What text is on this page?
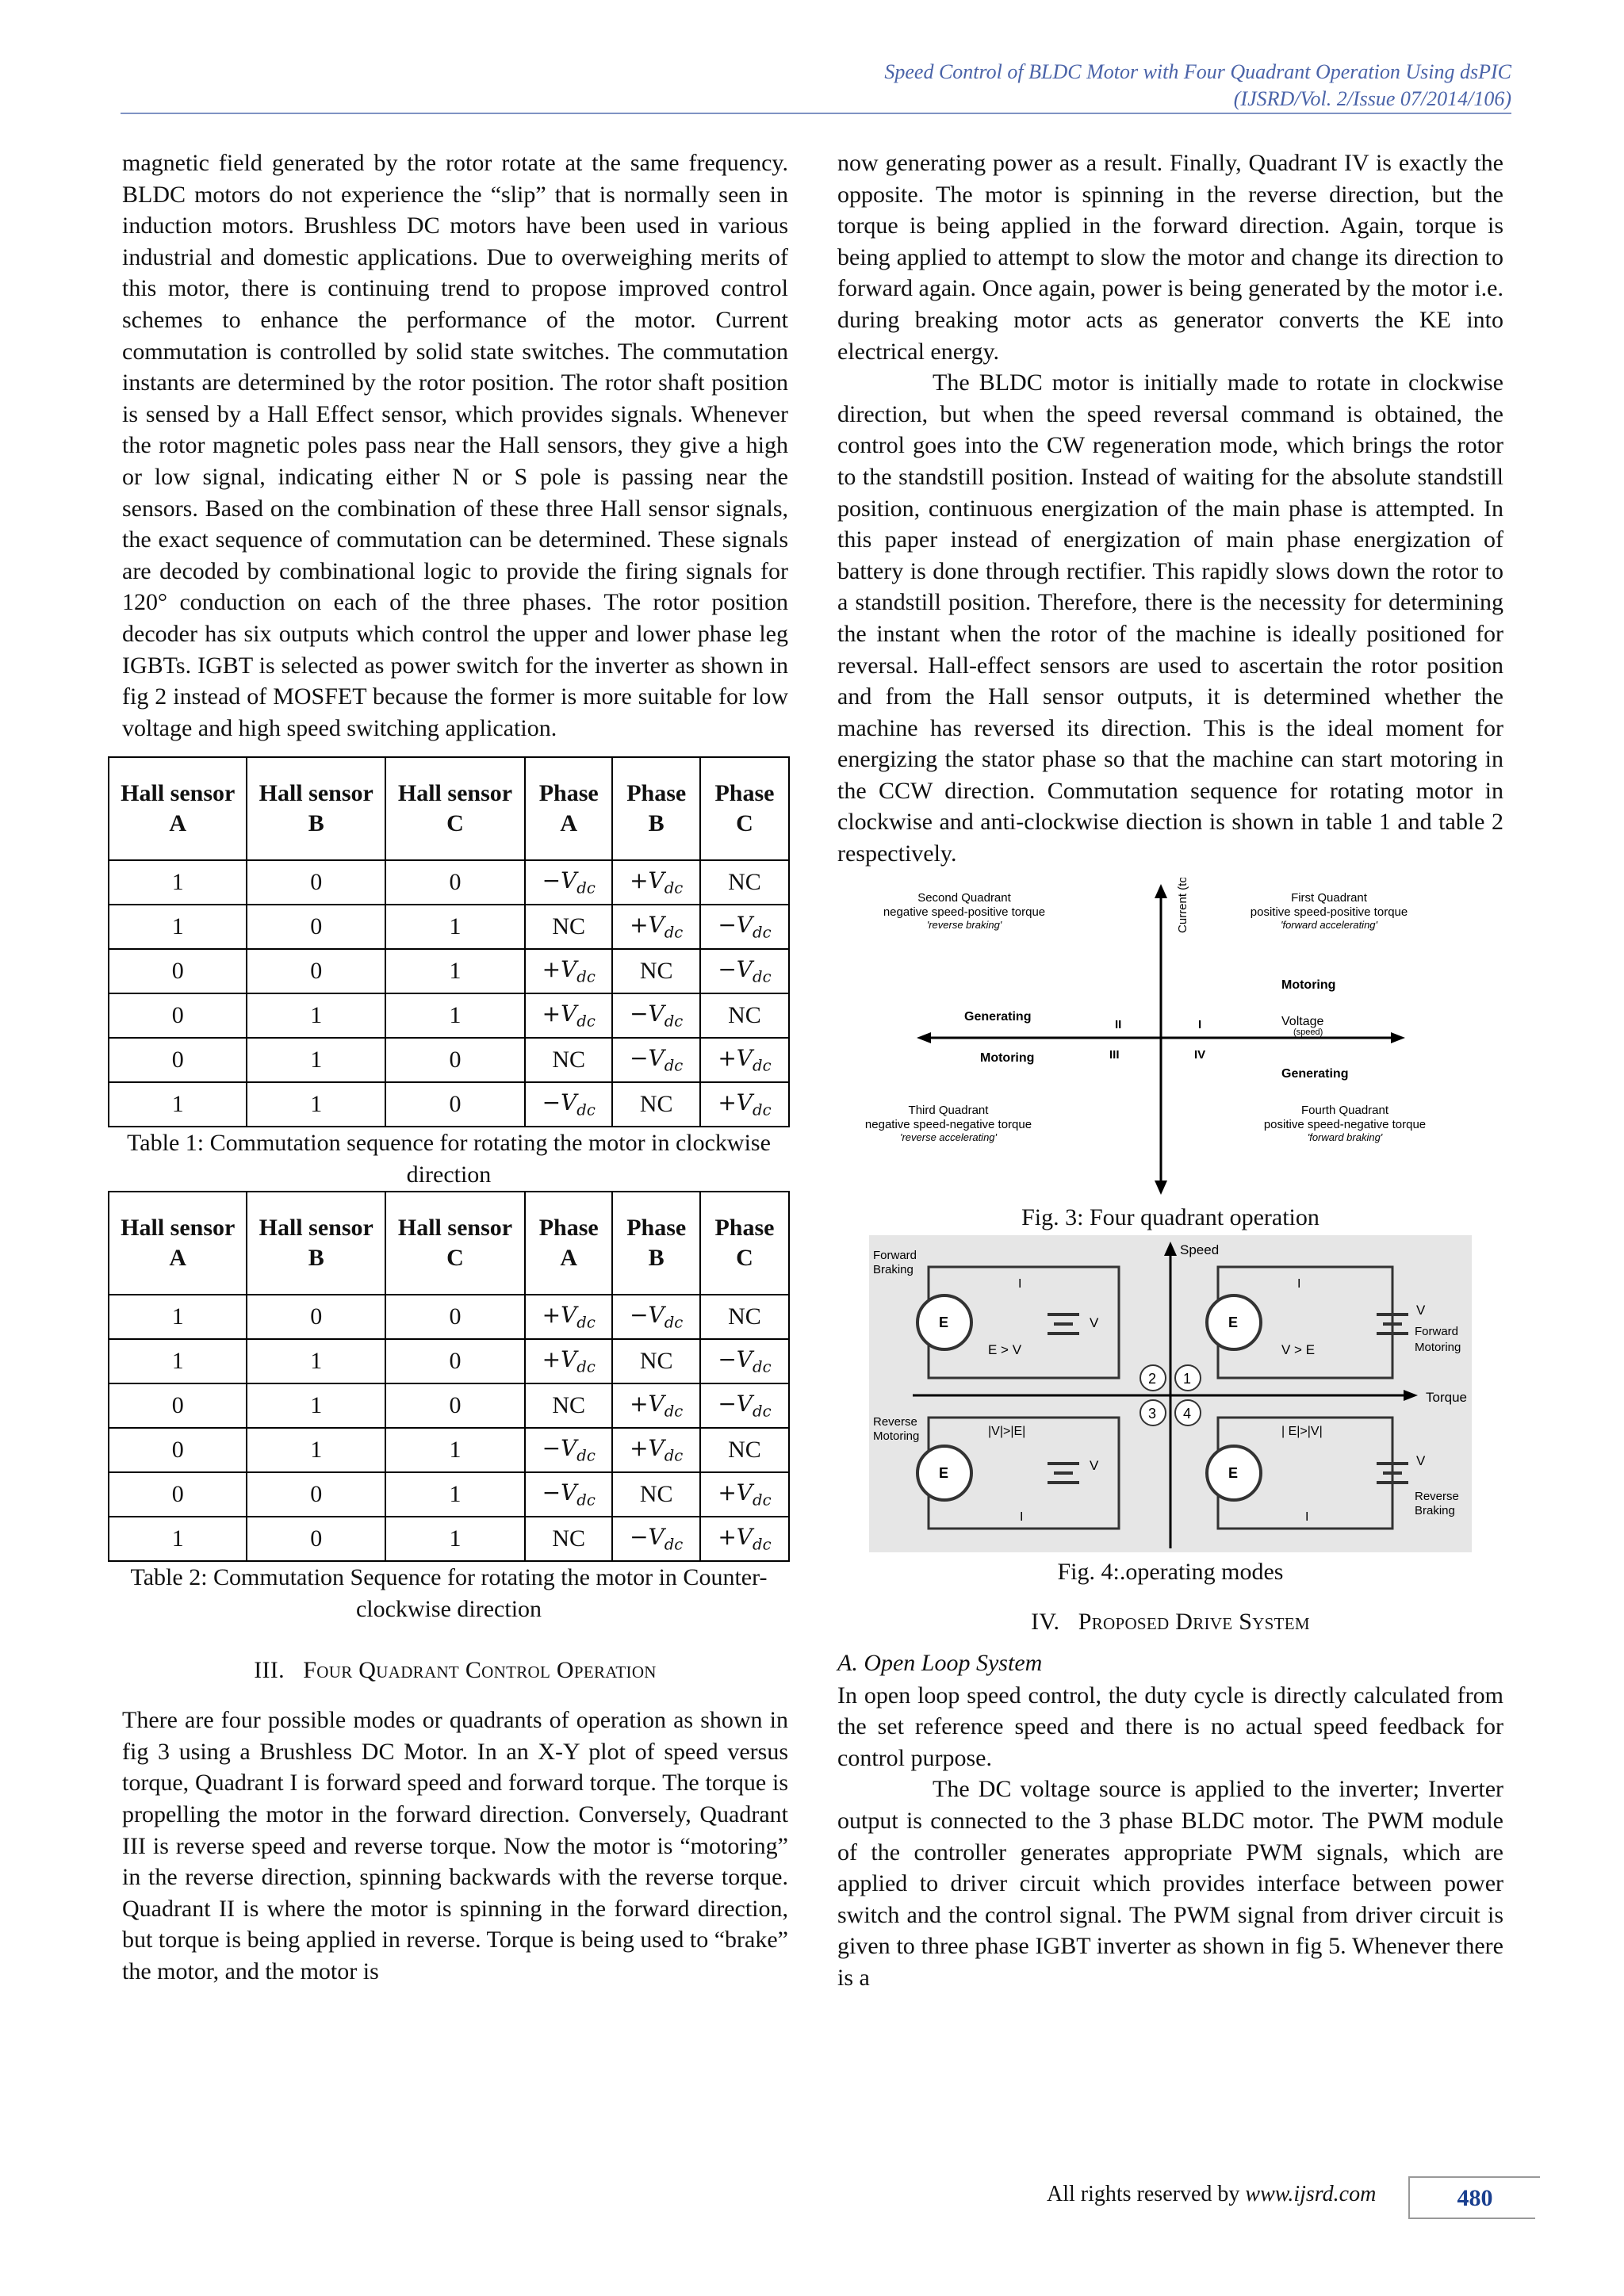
Speed Control of BLDC Motor with Four Quadrant Operation Using dsPIC
(IJSRD/Vol. 2/Issue 07/2014/106)

magnetic field generated by the rotor rotate at the same frequency. BLDC motors do not experience the “slip” that is normally seen in induction motors. Brushless DC motors have been used in various industrial and domestic applications. Due to overweighing merits of this motor, there is continuing trend to propose improved control schemes to enhance the performance of the motor. Current commutation is controlled by solid state switches. The commutation instants are determined by the rotor position. The rotor shaft position is sensed by a Hall Effect sensor, which provides signals. Whenever the rotor magnetic poles pass near the Hall sensors, they give a high or low signal, indicating either N or S pole is passing near the sensors. Based on the combination of these three Hall sensor signals, the exact sequence of commutation can be determined. These signals are decoded by combinational logic to provide the firing signals for 120° conduction on each of the three phases. The rotor position decoder has six outputs which control the upper and lower phase leg IGBTs. IGBT is selected as power switch for the inverter as shown in fig 2 instead of MOSFET because the former is more suitable for low voltage and high speed switching application.

Hall sensor A	Hall sensor B	Hall sensor C	Phase A	Phase B	Phase C
1	0	0	$-V_{dc}$	$+V_{dc}$	NC
1	0	1	NC	$+V_{dc}$	$-V_{dc}$
0	0	1	$+V_{dc}$	NC	$-V_{dc}$
0	1	1	$+V_{dc}$	$-V_{dc}$	NC
0	1	0	NC	$-V_{dc}$	$+V_{dc}$
1	1	0	$-V_{dc}$	NC	$+V_{dc}$
Table 1: Commutation sequence for rotating the motor in clockwise direction
Hall sensor A	Hall sensor B	Hall sensor C	Phase A	Phase B	Phase C
1	0	0	$+V_{dc}$	$-V_{dc}$	NC
1	1	0	$+V_{dc}$	NC	$-V_{dc}$
0	1	0	NC	$+V_{dc}$	$-V_{dc}$
0	1	1	$-V_{dc}$	$+V_{dc}$	NC
0	0	1	$-V_{dc}$	NC	$+V_{dc}$
1	0	1	NC	$-V_{dc}$	$+V_{dc}$
Table 2: Commutation Sequence for rotating the motor in Counter-clockwise direction
III. Four Quadrant Control Operation

There are four possible modes or quadrants of operation as shown in fig 3 using a Brushless DC Motor. In an X-Y plot of speed versus torque, Quadrant I is forward speed and forward torque. The torque is propelling the motor in the forward direction. Conversely, Quadrant III is reverse speed and reverse torque. Now the motor is “motoring” in the reverse direction, spinning backwards with the reverse torque. Quadrant II is where the motor is spinning in the forward direction, but torque is being applied in reverse. Torque is being used to “brake” the motor, and the motor is

now generating power as a result. Finally, Quadrant IV is exactly the opposite. The motor is spinning in the reverse direction, but the torque is being applied in the forward direction. Again, torque is being applied to attempt to slow the motor and change its direction to forward again. Once again, power is being generated by the motor i.e. during breaking motor acts as generator converts the KE into electrical energy.

The BLDC motor is initially made to rotate in clockwise direction, but when the speed reversal command is obtained, the control goes into the CW regeneration mode, which brings the rotor to the standstill position. Instead of waiting for the absolute standstill position, continuous energization of the main phase is attempted. In this paper instead of energization of main phase energization of battery is done through rectifier. This rapidly slows down the rotor to a standstill position. Therefore, there is the necessity for determining the instant when the rotor of the machine is ideally positioned for reversal. Hall-effect sensors are used to ascertain the rotor position and from the Hall sensor outputs, it is determined whether the machine has reversed its direction. This is the ideal moment for energizing the stator phase so that the machine can start motoring in the CCW direction. Commutation sequence for rotating motor in clockwise and anti-clockwise diection is shown in table 1 and table 2 respectively.

Second Quadrant
negative speed-positive torque
'reverse braking'
First Quadrant
positive speed-positive torque
'forward accelerating'
Third Quadrant
negative speed-negative torque
'reverse accelerating'
Fourth Quadrant
positive speed-negative torque
'forward braking'
Current (torque)
Voltage
(speed)
Motoring
Generating
Motoring
Generating
II	I
III	IV
Fig. 3: Four quadrant operation
Speed
Torque
E	V
E > V
I
Forward
Braking
E
V
V > E
I
Forward
Motoring
E	V
|V|>|E|
I
Reverse
Motoring
E
V
| E|>|V|
I
Reverse
Braking
2 1
3 4
Fig. 4:.operating modes
IV. Proposed Drive System
A. Open Loop System

In open loop speed control, the duty cycle is directly calculated from the set reference speed and there is no actual speed feedback for control purpose.

The DC voltage source is applied to the inverter; Inverter output is connected to the 3 phase BLDC motor. The PWM module of the controller generates appropriate PWM signals, which are applied to driver circuit which provides interface between power switch and the control signal. The PWM signal from driver circuit is given to three phase IGBT inverter as shown in fig 5. Whenever there is a

All rights reserved by www.ijsrd.com	480
